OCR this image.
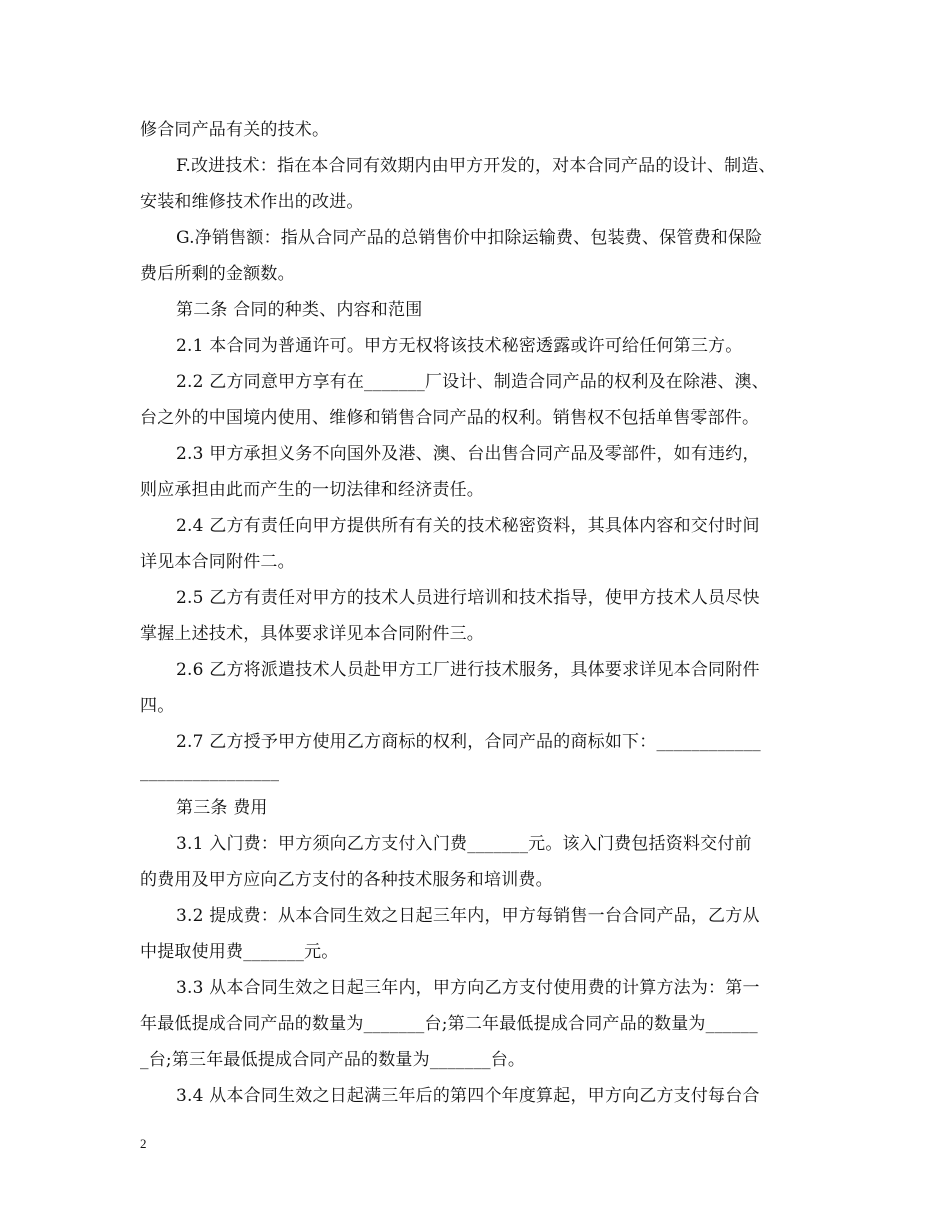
修合同产品有关的技术。
F.改进技术：指在本合同有效期内由甲方开发的，对本合同产品的设计、制造、
安装和维修技术作出的改进。
G.净销售额：指从合同产品的总销售价中扣除运输费、包装费、保管费和保险
费后所剩的金额数。
第二条 合同的种类、内容和范围
2.1 本合同为普通许可。甲方无权将该技术秘密透露或许可给任何第三方。
2.2 乙方同意甲方享有在_______厂设计、制造合同产品的权利及在除港、澳、
台之外的中国境内使用、维修和销售合同产品的权利。销售权不包括单售零部件。
2.3 甲方承担义务不向国外及港、澳、台出售合同产品及零部件，如有违约，
则应承担由此而产生的一切法律和经济责任。
2.4 乙方有责任向甲方提供所有有关的技术秘密资料，其具体内容和交付时间
详见本合同附件二。
2.5 乙方有责任对甲方的技术人员进行培训和技术指导，使甲方技术人员尽快
掌握上述技术，具体要求详见本合同附件三。
2.6 乙方将派遣技术人员赴甲方工厂进行技术服务，具体要求详见本合同附件
四。
2.7 乙方授予甲方使用乙方商标的权利，合同产品的商标如下：____________
________________
第三条 费用
3.1 入门费：甲方须向乙方支付入门费_______元。该入门费包括资料交付前
的费用及甲方应向乙方支付的各种技术服务和培训费。
3.2 提成费：从本合同生效之日起三年内，甲方每销售一台合同产品，乙方从
中提取使用费_______元。
3.3 从本合同生效之日起三年内，甲方向乙方支付使用费的计算方法为：第一
年最低提成合同产品的数量为_______台;第二年最低提成合同产品的数量为______
_台;第三年最低提成合同产品的数量为_______台。
3.4 从本合同生效之日起满三年后的第四个年度算起，甲方向乙方支付每台合
2
